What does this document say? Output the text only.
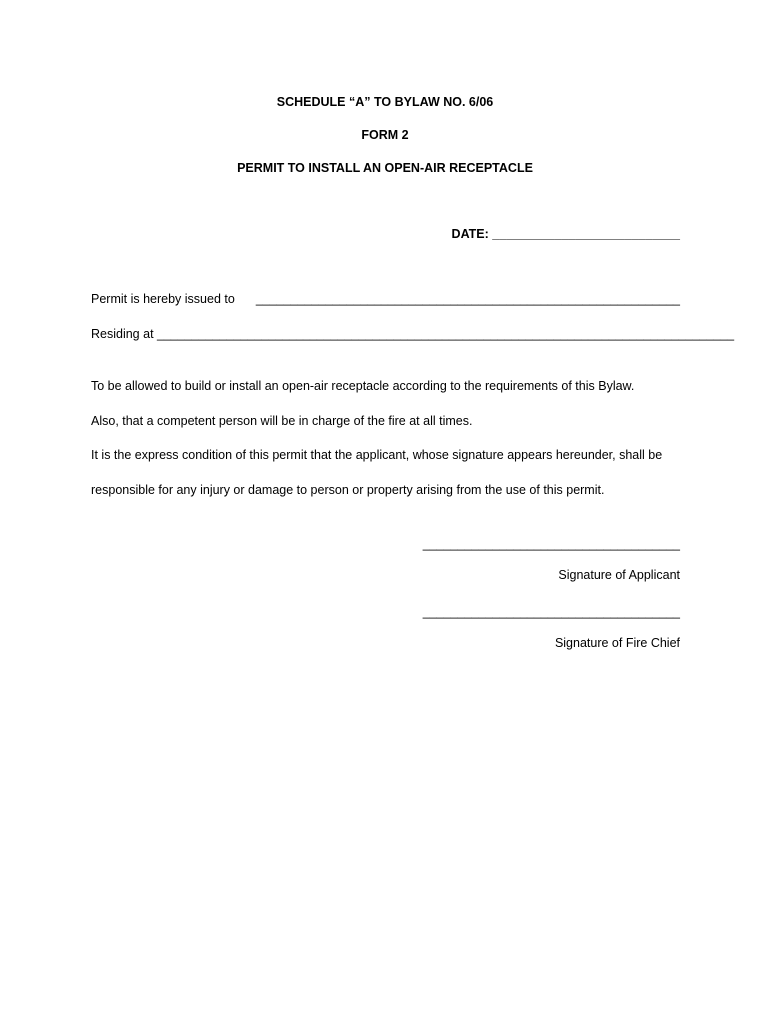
SCHEDULE “A” TO BYLAW NO. 6/06
FORM 2
PERMIT TO INSTALL AN OPEN-AIR RECEPTACLE
DATE: ___________________________
Permit is hereby issued to _____________________________________________________________
Residing at ___________________________________________________________________________________
To be allowed to build or install an open-air receptacle according to the requirements of this Bylaw.
Also, that a competent person will be in charge of the fire at all times.
It is the express condition of this permit that the applicant, whose signature appears hereunder, shall be
responsible for any injury or damage to person or property arising from the use of this permit.
_____________________________________
Signature of Applicant
_____________________________________
Signature of Fire Chief
